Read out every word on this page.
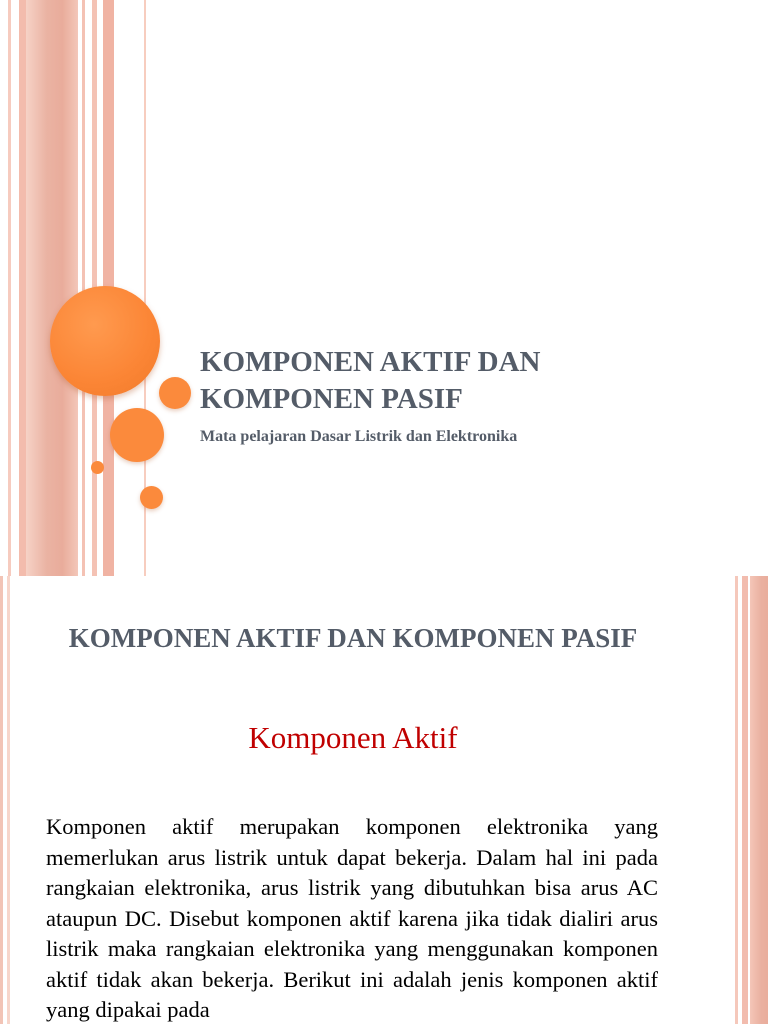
KOMPONEN AKTIF DAN KOMPONEN PASIF
Mata pelajaran Dasar Listrik dan Elektronika
KOMPONEN AKTIF DAN KOMPONEN PASIF
Komponen Aktif
Komponen aktif merupakan komponen elektronika yang memerlukan arus listrik untuk dapat bekerja. Dalam hal ini pada rangkaian elektronika, arus listrik yang dibutuhkan bisa arus AC ataupun DC. Disebut komponen aktif karena jika tidak dialiri arus listrik maka rangkaian elektronika yang menggunakan komponen aktif tidak akan bekerja. Berikut ini adalah jenis komponen aktif yang dipakai pada
